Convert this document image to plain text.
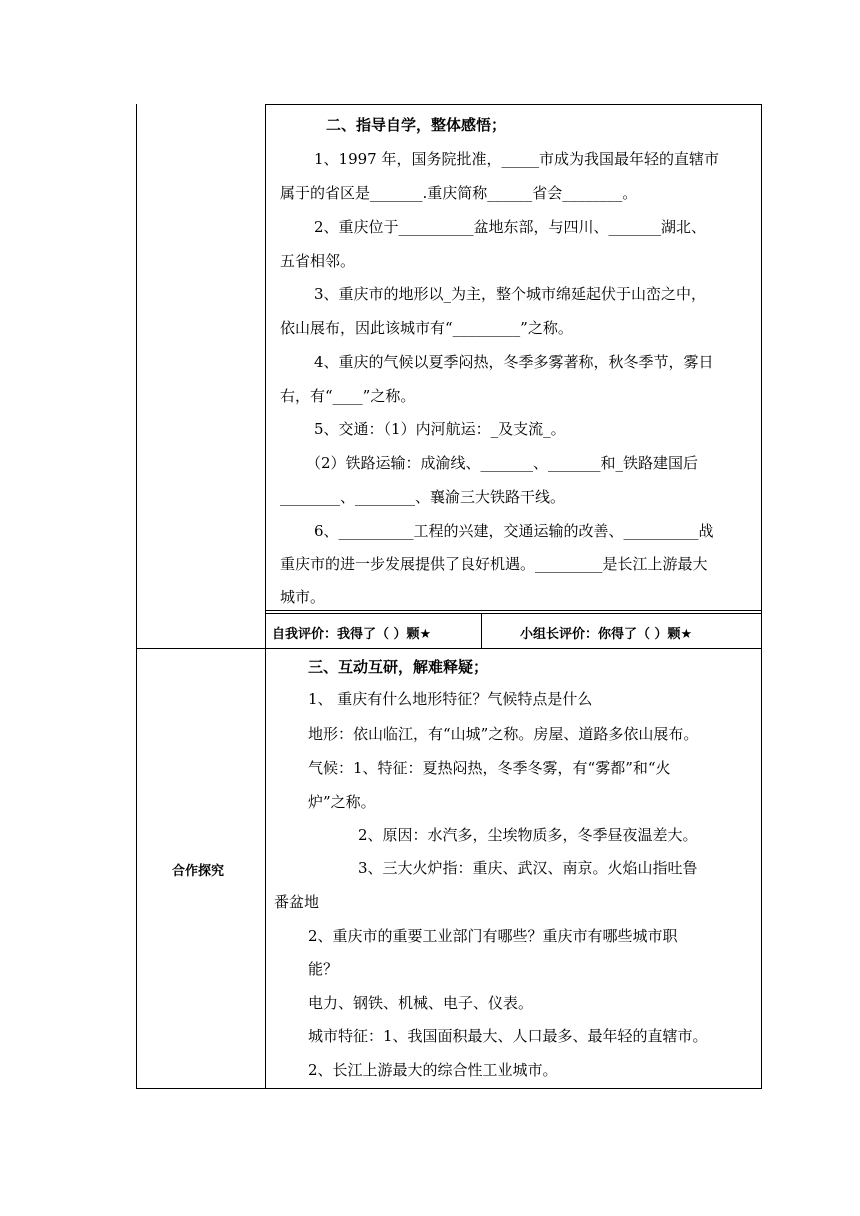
二、指导自学，整体感悟；
1、1997 年，国务院批准，_____市成为我国最年轻的直辖市
属于的省区是_______.重庆简称______省会________。
2、重庆位于__________盆地东部，与四川、_______湖北、
五省相邻。
3、重庆市的地形以_为主，整个城市绵延起伏于山峦之中，
依山展布，因此该城市有“_________”之称。
4、重庆的气候以夏季闷热，冬季多雾著称，秋冬季节，雾日
右，有“____”之称。
5、交通：（1）内河航运：_及支流_。
（2）铁路运输：成渝线、_______、_______和_铁路建国后
________、________、襄渝三大铁路干线。
6、__________工程的兴建，交通运输的改善、__________战
重庆市的进一步发展提供了良好机遇。_________是长江上游最大
城市。
自我评价：我得了（ ）颗★	小组长评价：你得了（ ）颗★
合作探究
三、互动互研，解难释疑；
1、 重庆有什么地形特征？气候特点是什么
地形：依山临江，有“山城”之称。房屋、道路多依山展布。
气候：1、特征：夏热闷热，冬季冬雾，有“雾都”和“火
炉”之称。
2、原因：水汽多，尘埃物质多，冬季昼夜温差大。
3、三大火炉指：重庆、武汉、南京。火焰山指吐鲁
番盆地
2、重庆市的重要工业部门有哪些？重庆市有哪些城市职
能？
电力、钢铁、机械、电子、仪表。
城市特征：1、我国面积最大、人口最多、最年轻的直辖市。
2、长江上游最大的综合性工业城市。
